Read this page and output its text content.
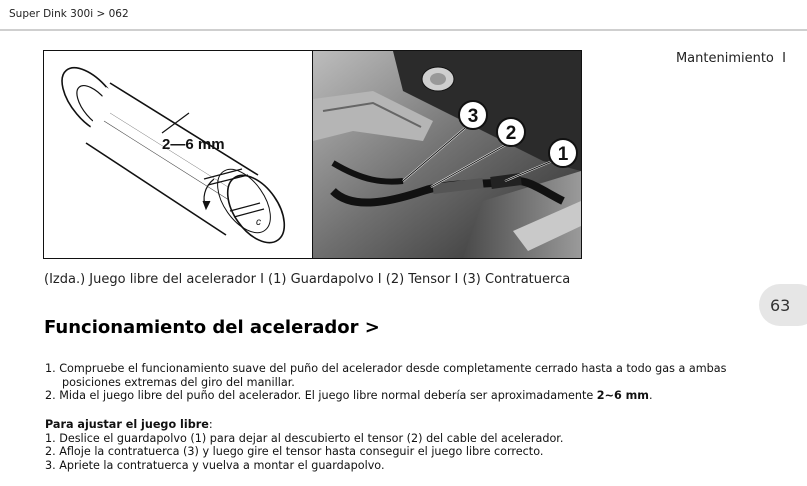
Super Dink 300i > 062
Mantenimiento I
2—6 mm
c
3
2
1
(Izda.) Juego libre del acelerador I (1) Guardapolvo I (2) Tensor I (3) Contratuerca
63
Funcionamiento del acelerador >
1. Compruebe el funcionamiento suave del puño del acelerador desde completamente cerrado hasta a todo gas a ambas
posiciones extremas del giro del manillar.
2. Mida el juego libre del puño del acelerador. El juego libre normal debería ser aproximadamente 2~6 mm.
Para ajustar el juego libre:
1. Deslice el guardapolvo (1) para dejar al descubierto el tensor (2) del cable del acelerador.
2. Afloje la contratuerca (3) y luego gire el tensor hasta conseguir el juego libre correcto.
3. Apriete la contratuerca y vuelva a montar el guardapolvo.
